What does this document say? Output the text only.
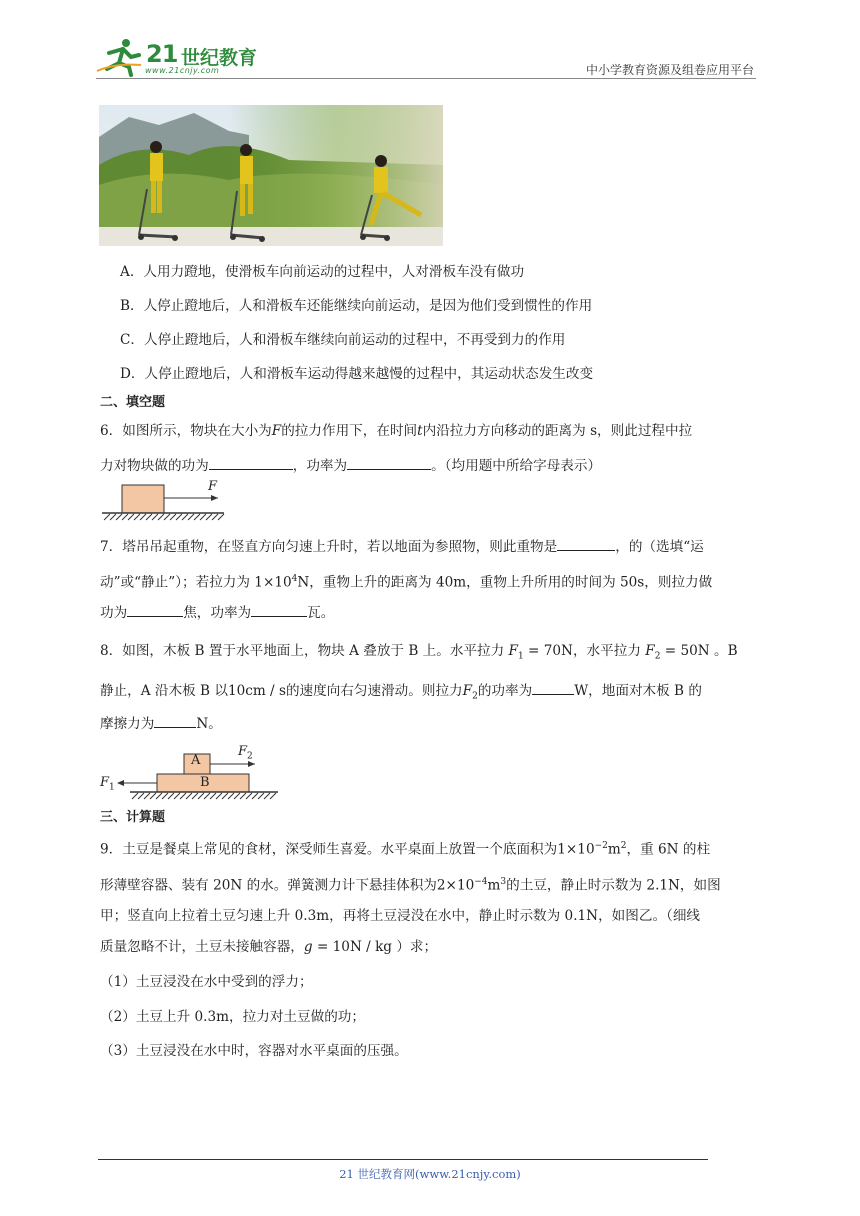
21 世纪教育
www.21cnjy.com	中小学教育资源及组卷应用平台
A．人用力蹬地，使滑板车向前运动的过程中，人对滑板车没有做功
B．人停止蹬地后，人和滑板车还能继续向前运动，是因为他们受到惯性的作用
C．人停止蹬地后，人和滑板车继续向前运动的过程中，不再受到力的作用
D．人停止蹬地后，人和滑板车运动得越来越慢的过程中，其运动状态发生改变
二、填空题
6．如图所示，物块在大小为F的拉力作用下，在时间t内沿拉力方向移动的距离为 s，则此过程中拉
力对物块做的功为	，功率为	。（均用题中所给字母表示）
F
7．塔吊吊起重物，在竖直方向匀速上升时，若以地面为参照物，则此重物是	，的（选填“运
动”或“静止”）；若拉力为 $1\times 10^4N$，重物上升的距离为 40m，重物上升所用的时间为 50s，则拉力做
功为	焦，功率为	瓦。
8．如图，木板 B 置于水平地面上，物块 A 叠放于 B 上。水平拉力 $F_1 = 70N$，水平拉力 $F_2 = 50N$ 。B
静止，A 沿木板 B 以10cm / s的速度向右匀速滑动。则拉力$F_2$的功率为	W，地面对木板 B 的
摩擦力为	N。
A
B
$F_2$
$F_1$
三、计算题
9．土豆是餐桌上常见的食材，深受师生喜爱。水平桌面上放置一个底面积为$1\times 10^{-2}m^2$，重 6N 的柱
形薄壁容器、装有 20N 的水。弹簧测力计下悬挂体积为$2\times 10^{-4}m^3$的土豆，静止时示数为 2.1N，如图
甲；竖直向上拉着土豆匀速上升 0.3m，再将土豆浸没在水中，静止时示数为 0.1N，如图乙。（细线
质量忽略不计，土豆未接触容器，g = 10N / kg ）求；
（1）土豆浸没在水中受到的浮力；
（2）土豆上升 0.3m，拉力对土豆做的功；
（3）土豆浸没在水中时，容器对水平桌面的压强。
21 世纪教育网(www.21cnjy.com)
